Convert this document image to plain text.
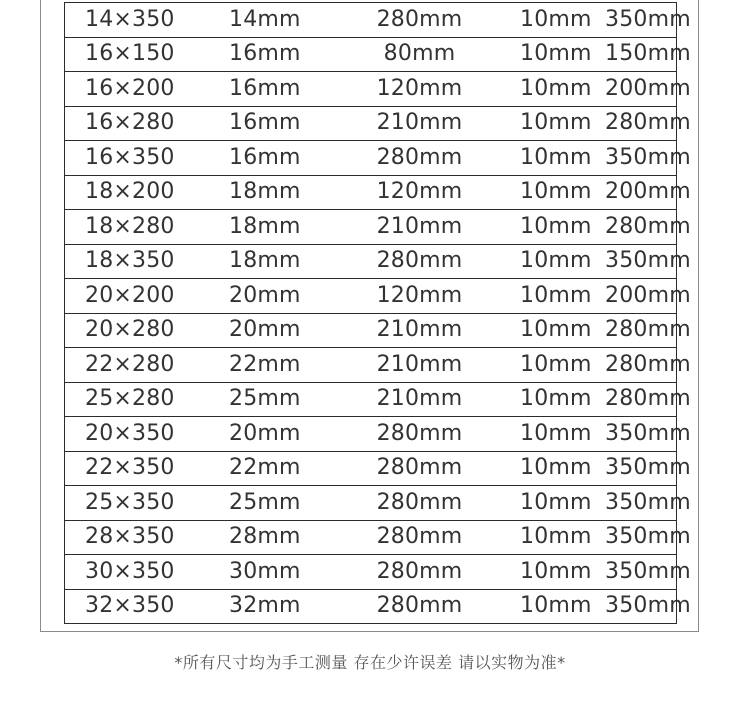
14×350	14mm	280mm	10mm	350mm
16×150	16mm	80mm	10mm	150mm
16×200	16mm	120mm	10mm	200mm
16×280	16mm	210mm	10mm	280mm
16×350	16mm	280mm	10mm	350mm
18×200	18mm	120mm	10mm	200mm
18×280	18mm	210mm	10mm	280mm
18×350	18mm	280mm	10mm	350mm
20×200	20mm	120mm	10mm	200mm
20×280	20mm	210mm	10mm	280mm
22×280	22mm	210mm	10mm	280mm
25×280	25mm	210mm	10mm	280mm
20×350	20mm	280mm	10mm	350mm
22×350	22mm	280mm	10mm	350mm
25×350	25mm	280mm	10mm	350mm
28×350	28mm	280mm	10mm	350mm
30×350	30mm	280mm	10mm	350mm
32×350	32mm	280mm	10mm	350mm
*所有尺寸均为手工测量 存在少许误差 请以实物为准*
